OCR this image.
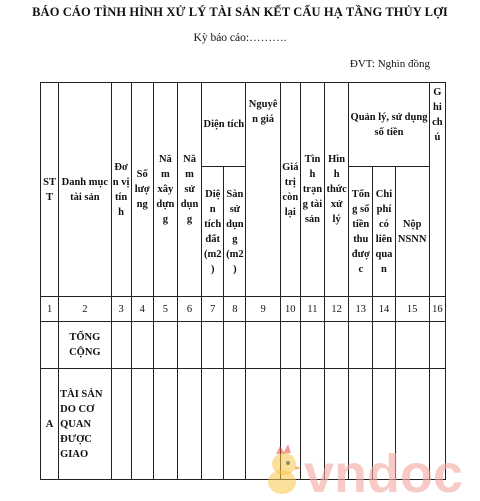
BÁO CÁO TÌNH HÌNH XỬ LÝ TÀI SẢN KẾT CẤU HẠ TẦNG THỦY LỢI
Kỳ báo cáo:……….
ĐVT: Nghìn đồng
STT	Danh mục tài sản	Đơn vị tính	Số lượng	Năm xây dựng	Năm sử dụng	Diện tích		Nguyên giá	Giá trị còn lại	Tình trạng tài sản	Hình thức xử lý	Quản lý, sử dụng số tiền			Ghi chú
						Diện tích đất (m2)	Sàn sử dụng (m2)					Tổng số tiền thu được	Chi phí có liên quan	Nộp NSNN	
1	2	3	4	5	6	7	8	9	10	11	12	13	14	15	16
	TỔNG CỘNG														
A	TÀI SẢN DO CƠ QUAN ĐƯỢC GIAO															vndoc
